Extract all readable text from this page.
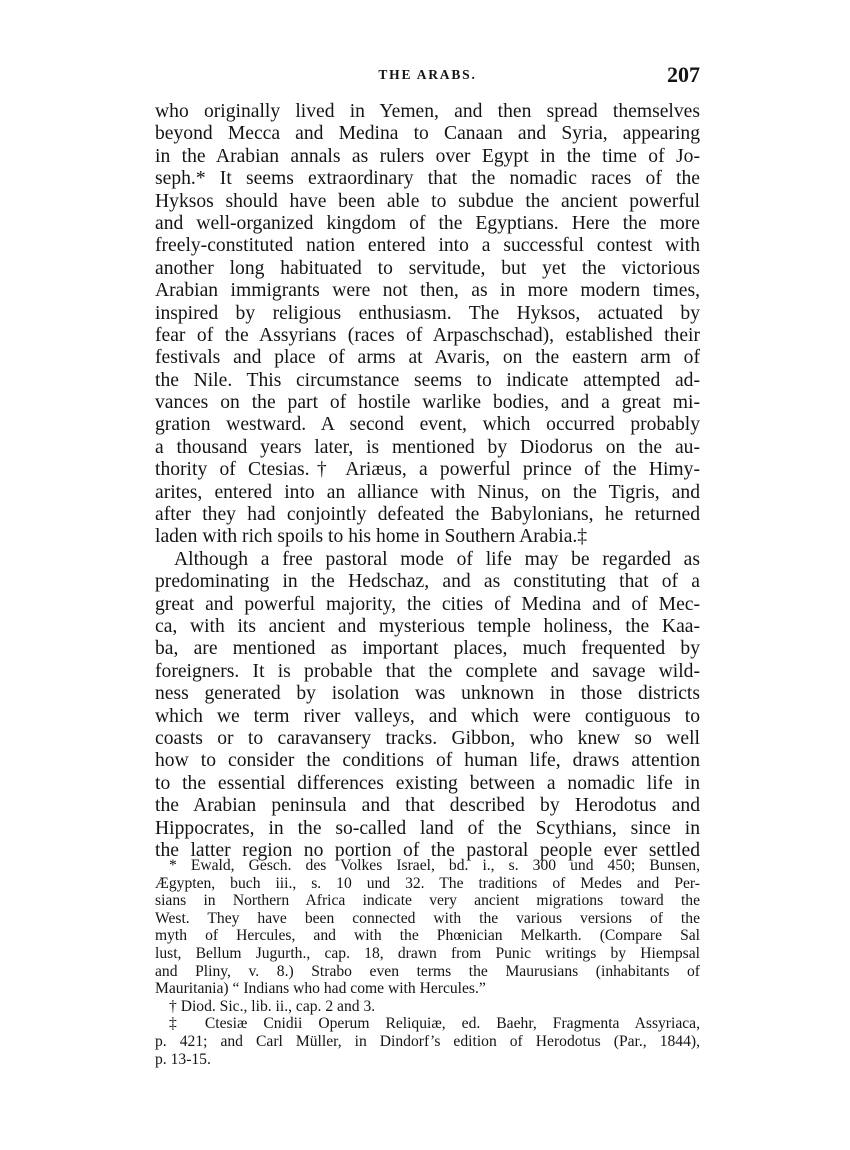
THE ARABS.	207
who originally lived in Yemen, and then spread themselves
beyond Mecca and Medina to Canaan and Syria, appearing
in the Arabian annals as rulers over Egypt in the time of Jo-
seph.* It seems extraordinary that the nomadic races of the
Hyksos should have been able to subdue the ancient powerful
and well-organized kingdom of the Egyptians. Here the more
freely-constituted nation entered into a successful contest with
another long habituated to servitude, but yet the victorious
Arabian immigrants were not then, as in more modern times,
inspired by religious enthusiasm. The Hyksos, actuated by
fear of the Assyrians (races of Arpaschschad), established their
festivals and place of arms at Avaris, on the eastern arm of
the Nile. This circumstance seems to indicate attempted ad-
vances on the part of hostile warlike bodies, and a great mi-
gration westward. A second event, which occurred probably
a thousand years later, is mentioned by Diodorus on the au-
thority of Ctesias.† Ariæus, a powerful prince of the Himy-
arites, entered into an alliance with Ninus, on the Tigris, and
after they had conjointly defeated the Babylonians, he returned
laden with rich spoils to his home in Southern Arabia.‡
Although a free pastoral mode of life may be regarded as
predominating in the Hedschaz, and as constituting that of a
great and powerful majority, the cities of Medina and of Mec-
ca, with its ancient and mysterious temple holiness, the Kaa-
ba, are mentioned as important places, much frequented by
foreigners. It is probable that the complete and savage wild-
ness generated by isolation was unknown in those districts
which we term river valleys, and which were contiguous to
coasts or to caravansery tracks. Gibbon, who knew so well
how to consider the conditions of human life, draws attention
to the essential differences existing between a nomadic life in
the Arabian peninsula and that described by Herodotus and
Hippocrates, in the so-called land of the Scythians, since in
the latter region no portion of the pastoral people ever settled
* Ewald, Gesch. des Volkes Israel, bd. i., s. 300 und 450; Bunsen,
Ægypten, buch iii., s. 10 und 32. The traditions of Medes and Per-
sians in Northern Africa indicate very ancient migrations toward the
West. They have been connected with the various versions of the
myth of Hercules, and with the Phœnician Melkarth. (Compare Sal
lust, Bellum Jugurth., cap. 18, drawn from Punic writings by Hiempsal
and Pliny, v. 8.) Strabo even terms the Maurusians (inhabitants of
Mauritania) “ Indians who had come with Hercules.”
† Diod. Sic., lib. ii., cap. 2 and 3.
‡ Ctesiæ Cnidii Operum Reliquiæ, ed. Baehr, Fragmenta Assyriaca,
p. 421; and Carl Müller, in Dindorf’s edition of Herodotus (Par., 1844),
p. 13-15.
